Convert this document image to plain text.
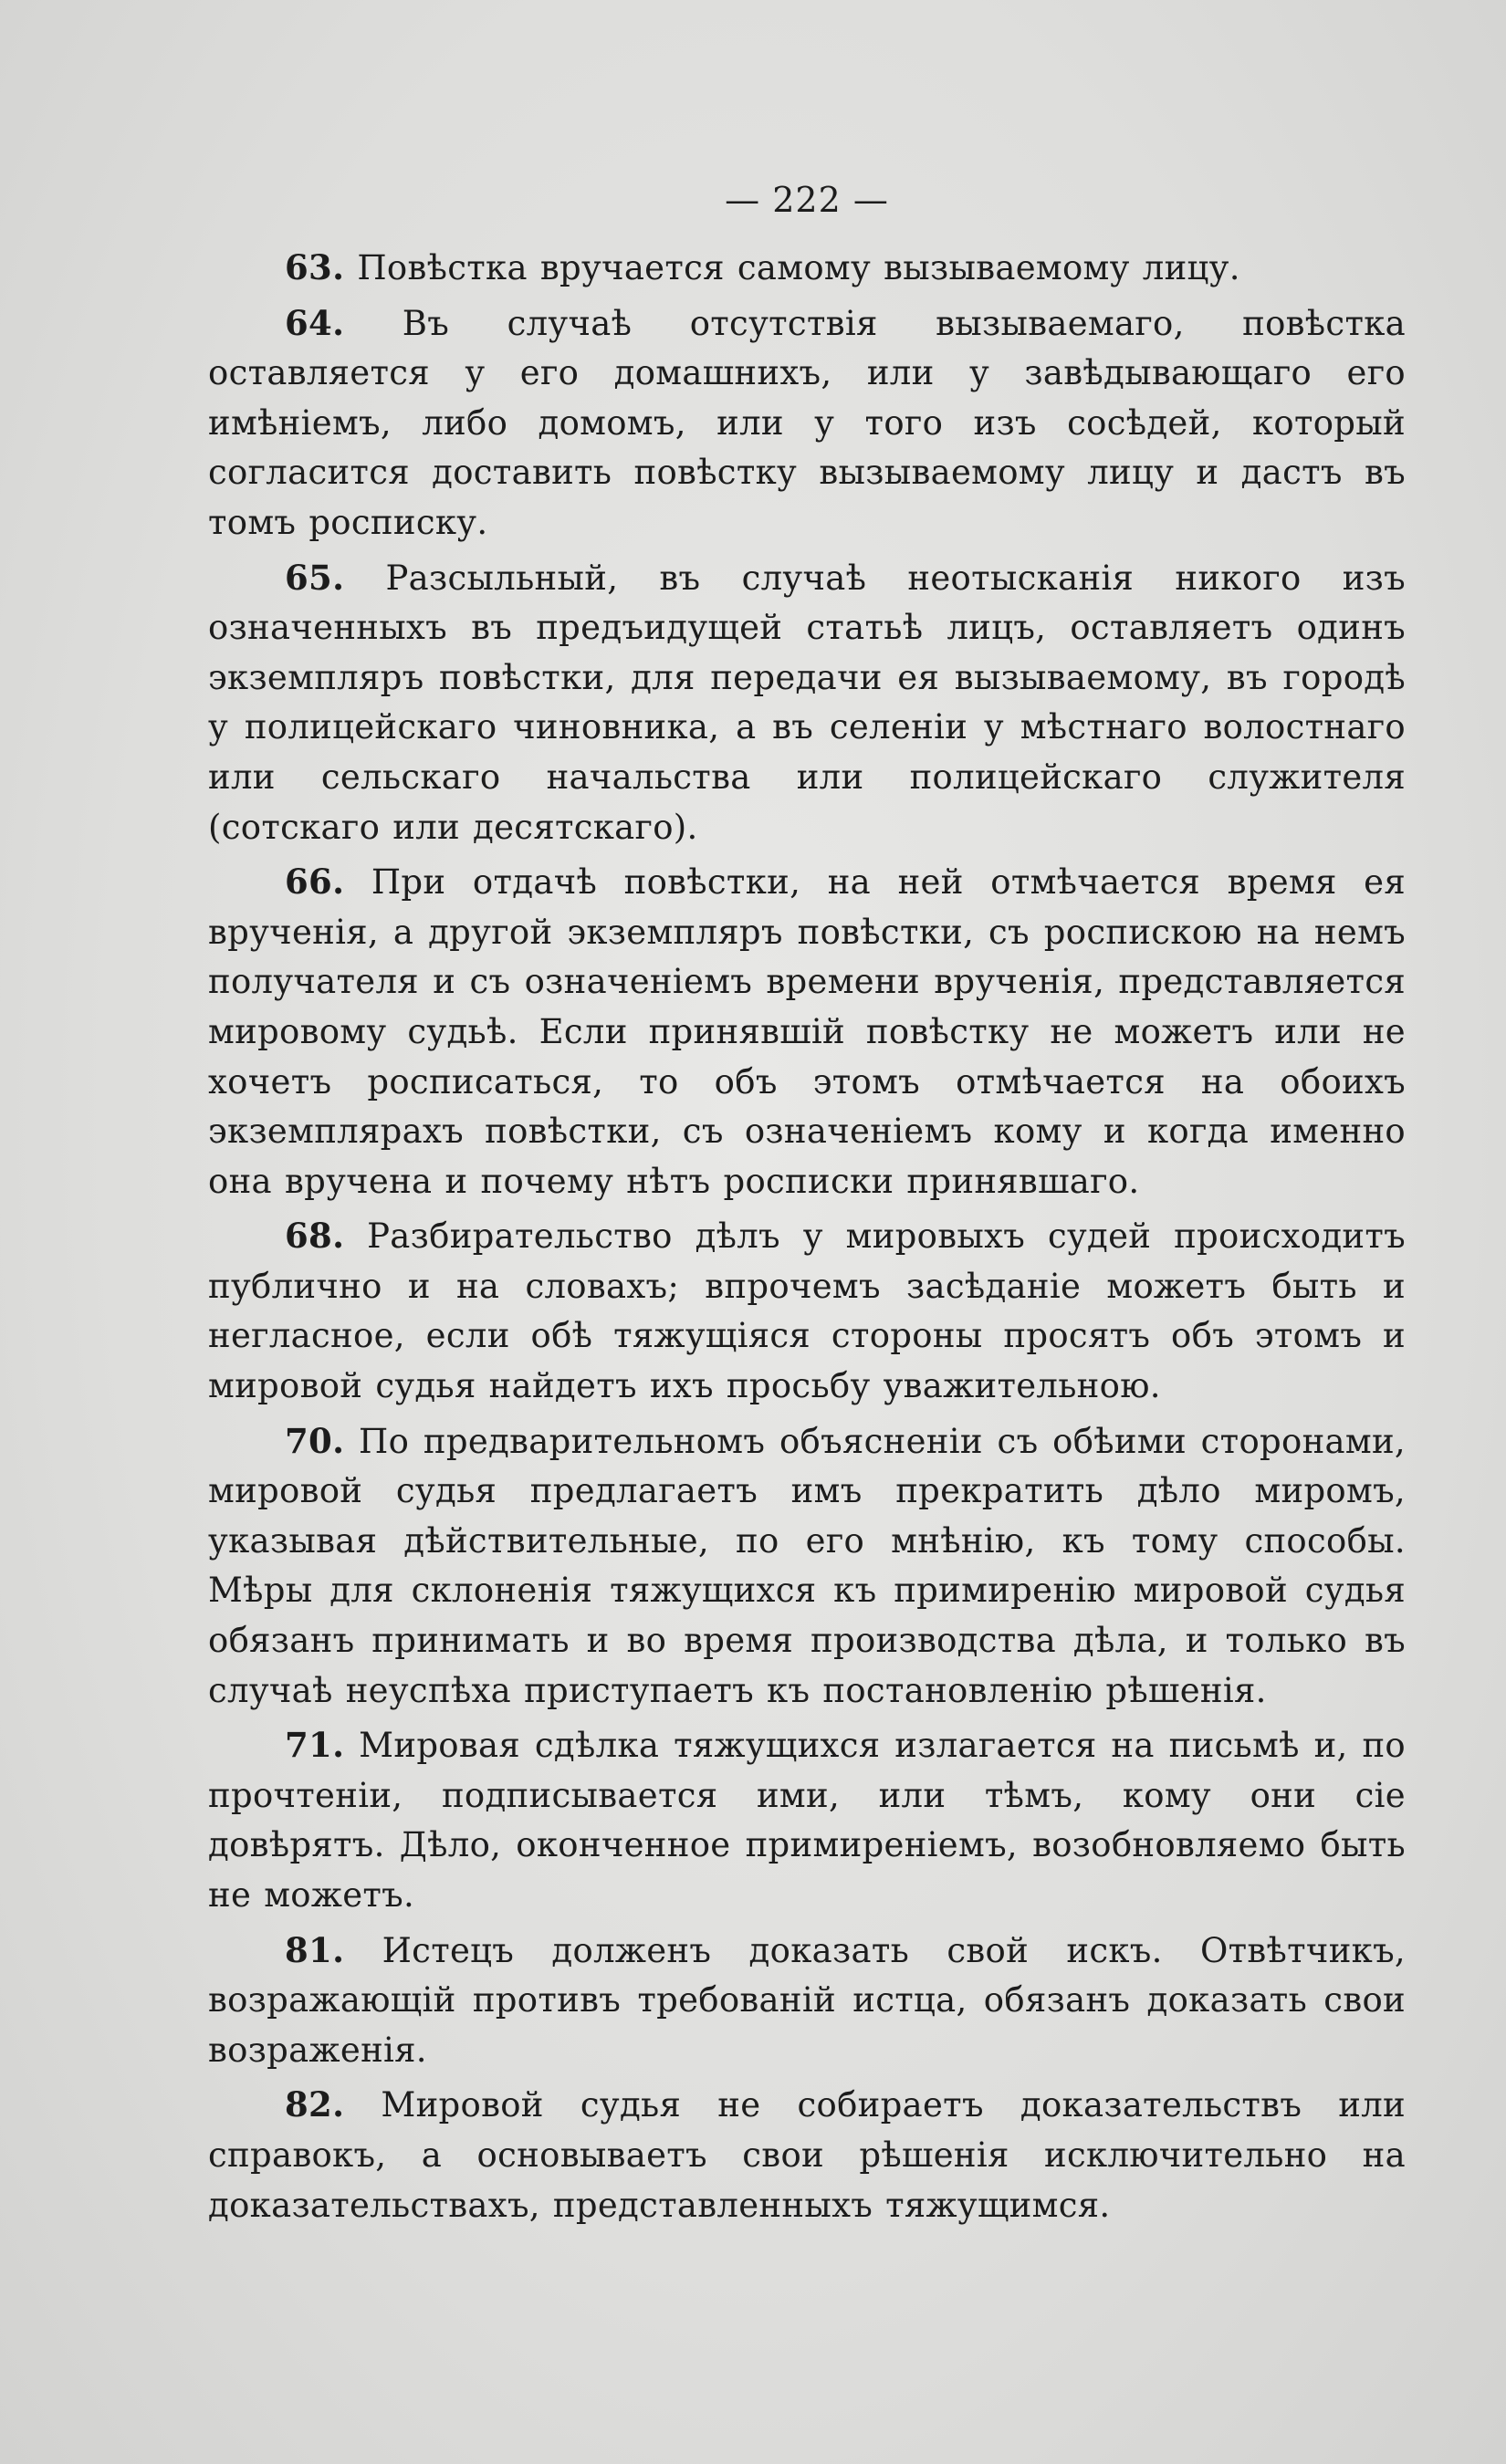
— 222 —

63. Повѣстка вручается самому вызываемому лицу.

64. Въ случаѣ отсутствія вызываемаго, повѣстка оставляется у его домашнихъ, или у завѣдывающаго его имѣніемъ, либо домомъ, или у того изъ сосѣдей, который согласится доставить повѣстку вызываемому лицу и дастъ въ томъ росписку.

65. Разсыльный, въ случаѣ неотысканія никого изъ означенныхъ въ предъидущей статьѣ лицъ, оставляетъ одинъ экземпляръ повѣстки, для передачи ея вызываемому, въ городѣ у полицейскаго чиновника, а въ селеніи у мѣстнаго волостнаго или сельскаго начальства или полицейскаго служителя (сотскаго или десятскаго).

66. При отдачѣ повѣстки, на ней отмѣчается время ея врученія, а другой экземпляръ повѣстки, съ роспискою на немъ получателя и съ означеніемъ времени врученія, представляется мировому судьѣ. Если принявшій повѣстку не можетъ или не хочетъ росписаться, то объ этомъ отмѣчается на обоихъ экземплярахъ повѣстки, съ означеніемъ кому и когда именно она вручена и почему нѣтъ росписки принявшаго.

68. Разбирательство дѣлъ у мировыхъ судей происходитъ публично и на словахъ; впрочемъ засѣданіе можетъ быть и негласное, если обѣ тяжущіяся стороны просятъ объ этомъ и мировой судья найдетъ ихъ просьбу уважительною.

70. По предварительномъ объясненіи съ обѣими сторонами, мировой судья предлагаетъ имъ прекратить дѣло миромъ, указывая дѣйствительные, по его мнѣнію, къ тому способы. Мѣры для склоненія тяжущихся къ примиренію мировой судья обязанъ принимать и во время производства дѣла, и только въ случаѣ неуспѣха приступаетъ къ постановленію рѣшенія.

71. Мировая сдѣлка тяжущихся излагается на письмѣ и, по прочтеніи, подписывается ими, или тѣмъ, кому они сіе довѣрятъ. Дѣло, оконченное примиреніемъ, возобновляемо быть не можетъ.

81. Истецъ долженъ доказать свой искъ. Отвѣтчикъ, возражающій противъ требованій истца, обязанъ доказать свои возраженія.

82. Мировой судья не собираетъ доказательствъ или справокъ, а основываетъ свои рѣшенія исключительно на доказательствахъ, представленныхъ тяжущимся.
